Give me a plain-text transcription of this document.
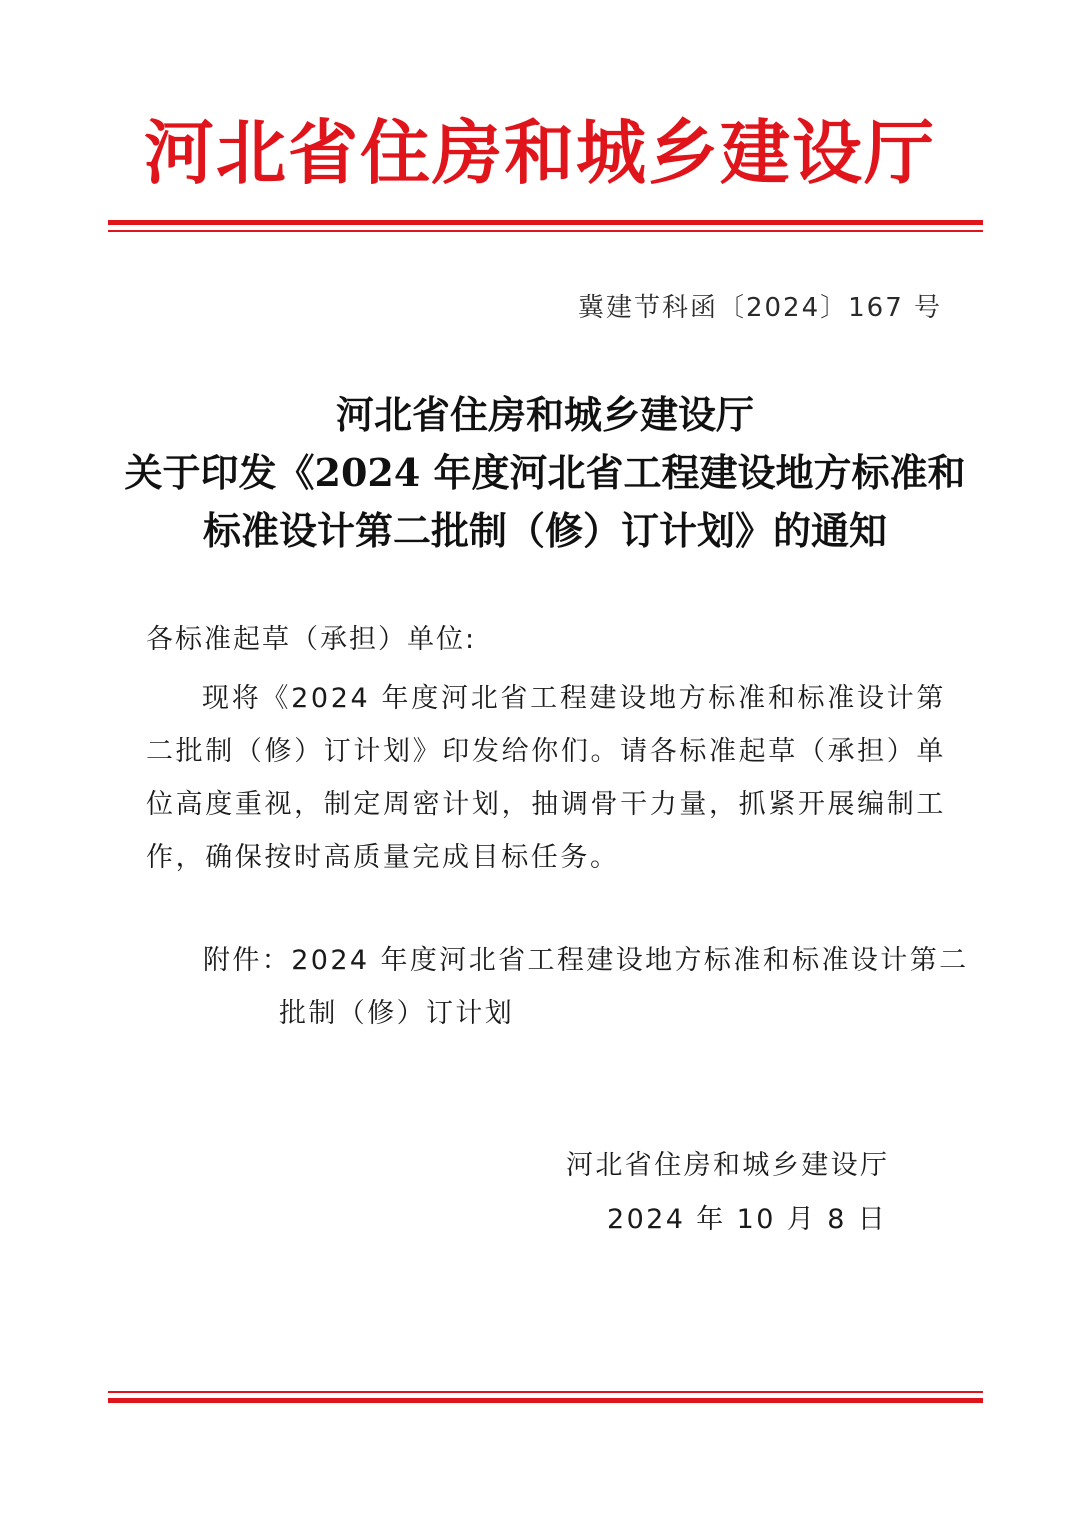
河北省住房和城乡建设厅
冀建节科函〔2024〕167 号
河北省住房和城乡建设厅
关于印发《2024 年度河北省工程建设地方标准和
标准设计第二批制（修）订计划》的通知
各标准起草（承担）单位:
现将《2024 年度河北省工程建设地方标准和标准设计第二批制（修）订计划》印发给你们。请各标准起草（承担）单位高度重视，制定周密计划，抽调骨干力量，抓紧开展编制工作，确保按时高质量完成目标任务。
附件：2024 年度河北省工程建设地方标准和标准设计第二
批制（修）订计划
河北省住房和城乡建设厅
2024 年 10 月 8 日
